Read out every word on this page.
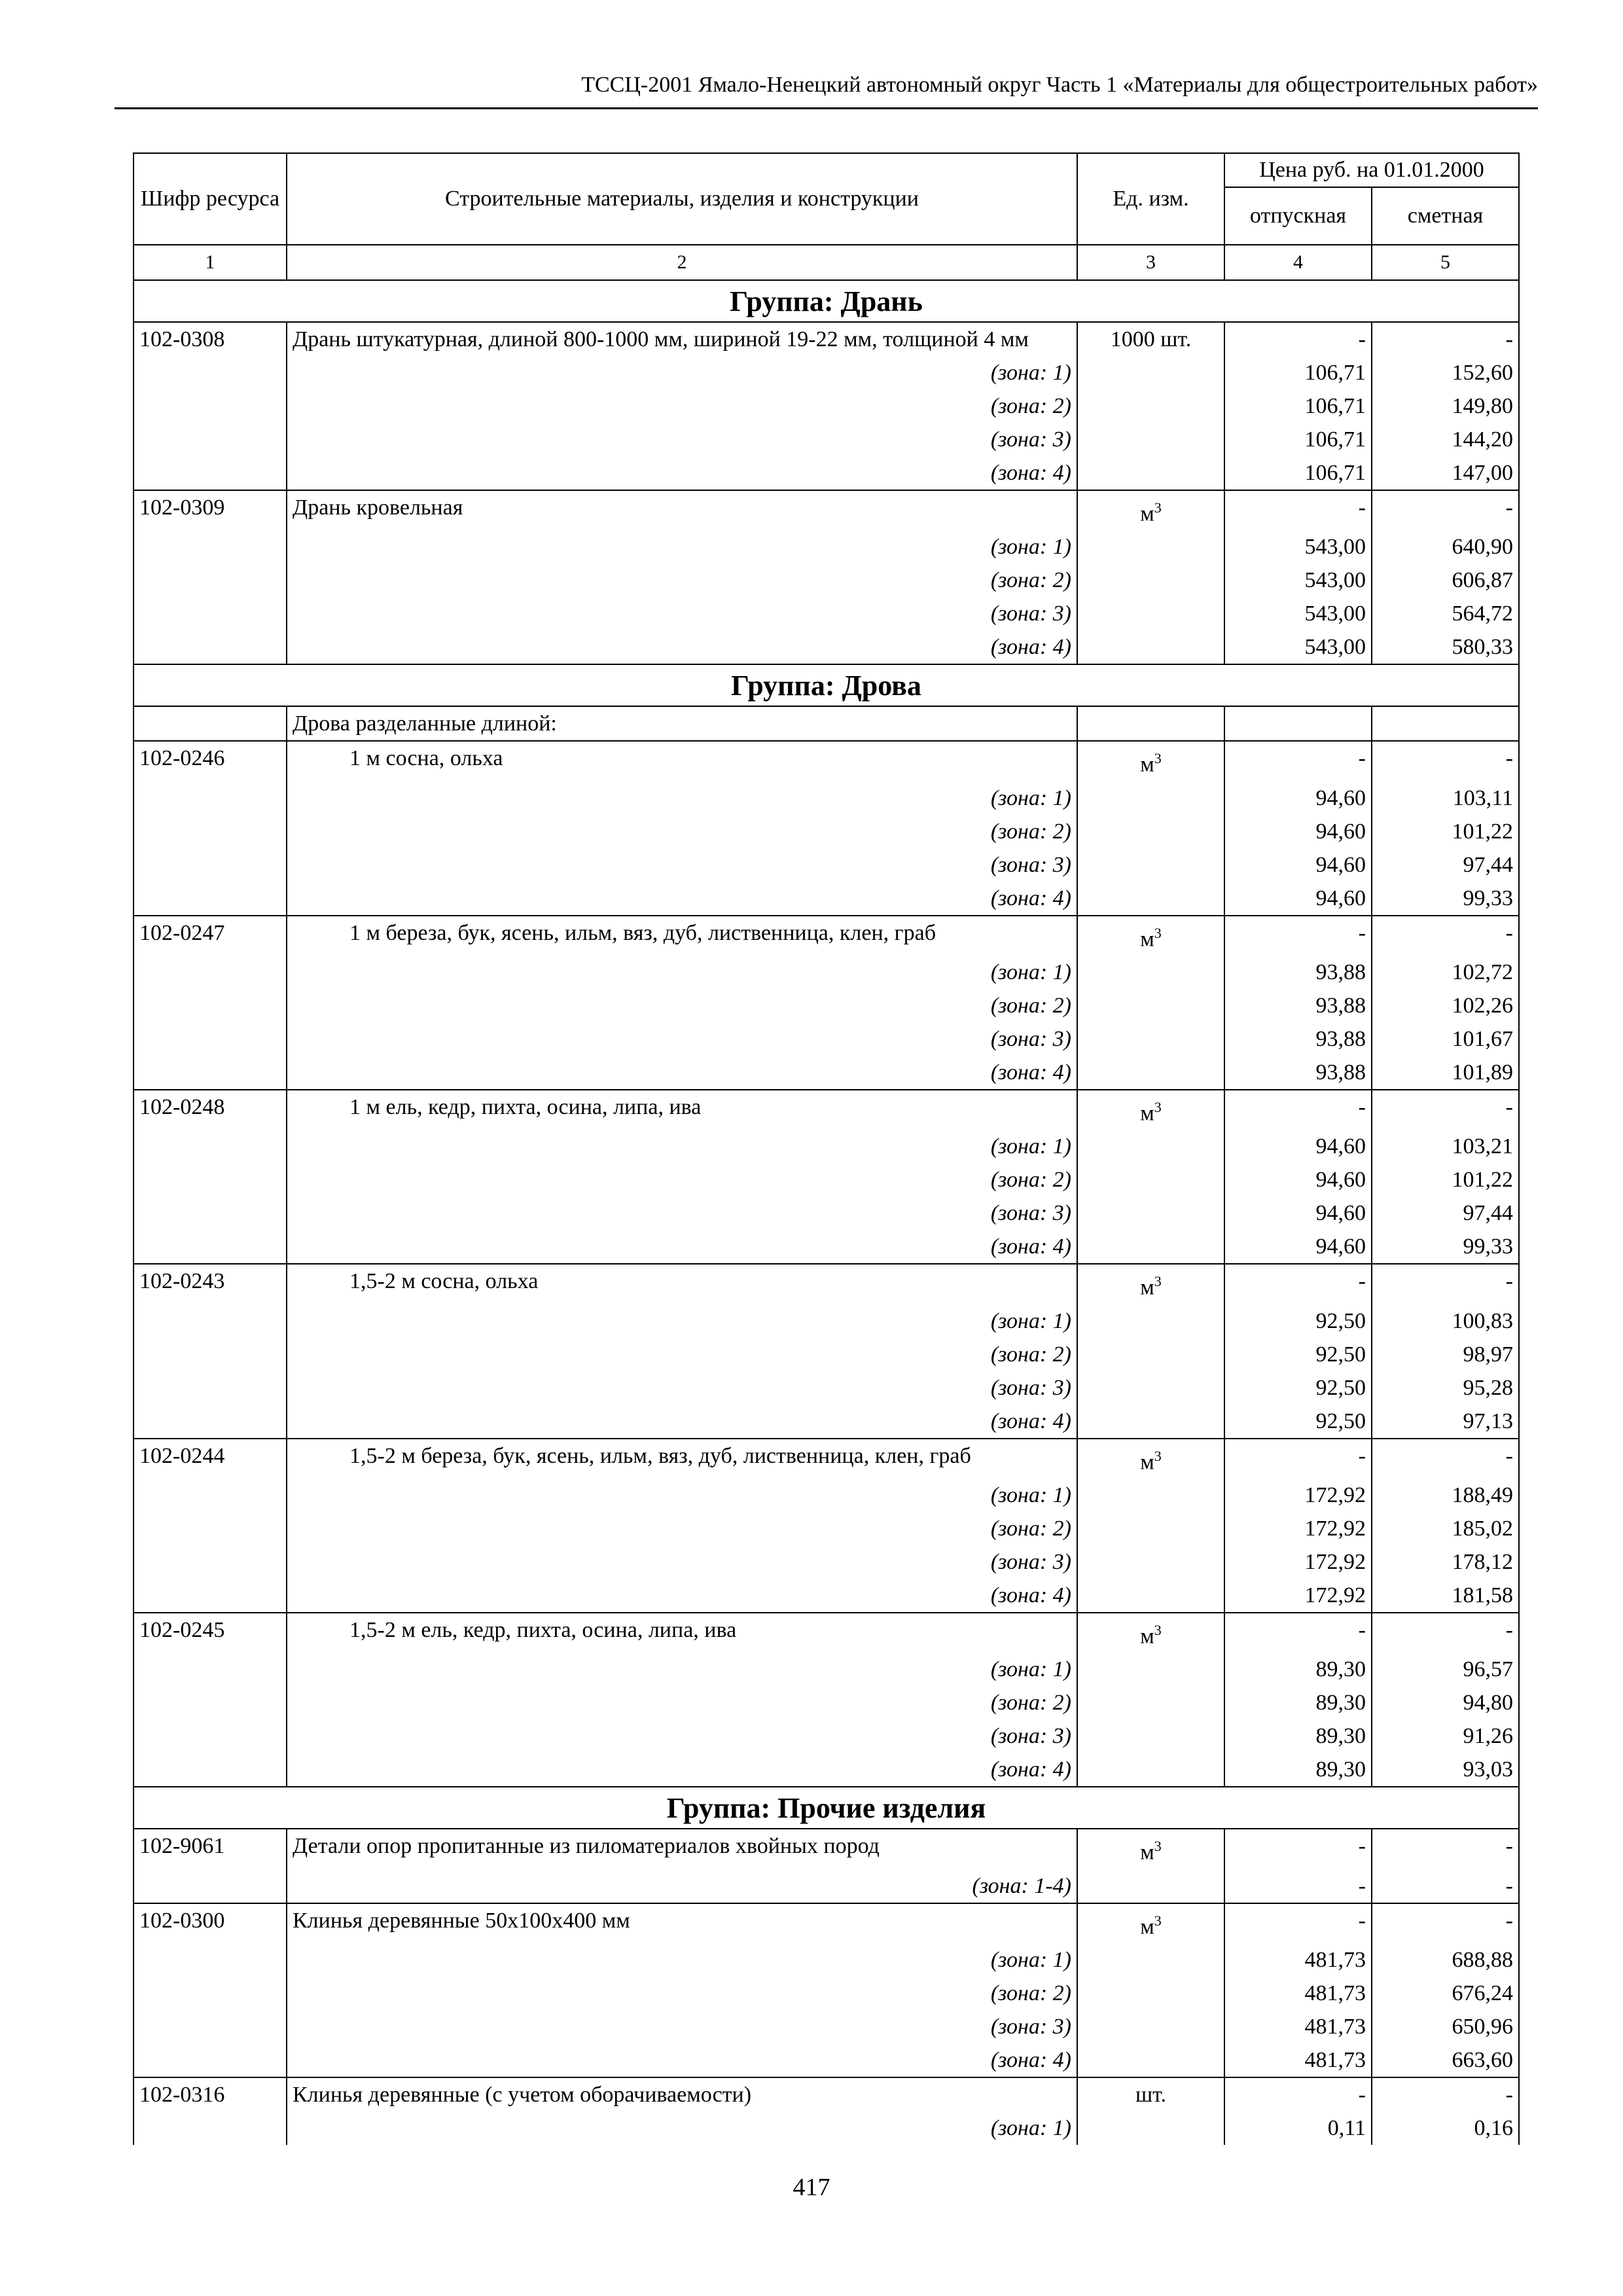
ТССЦ-2001 Ямало-Ненецкий автономный округ Часть 1 «Материалы для общестроительных работ»
Шифр ресурса	Строительные материалы, изделия и конструкции	Ед. изм.	Цена руб. на 01.01.2000	
			отпускная	сметная
1	2	3	4	5
Группа: Дрань				
102-0308	Дрань штукатурная, длиной 800-1000 мм, шириной 19-22 мм, толщиной 4 мм	1000 шт.	-	-
	(зона: 1)		106,71	152,60
	(зона: 2)		106,71	149,80
	(зона: 3)		106,71	144,20
	(зона: 4)		106,71	147,00
102-0309	Дрань кровельная	$м^3$	-	-
	(зона: 1)		543,00	640,90
	(зона: 2)		543,00	606,87
	(зона: 3)		543,00	564,72
	(зона: 4)		543,00	580,33
Группа: Дрова				
	Дрова разделанные длиной:			
102-0246	1 м сосна, ольха	$м^3$	-	-
	(зона: 1)		94,60	103,11
	(зона: 2)		94,60	101,22
	(зона: 3)		94,60	97,44
	(зона: 4)		94,60	99,33
102-0247	1 м береза, бук, ясень, ильм, вяз, дуб, лиственница, клен, граб	$м^3$	-	-
	(зона: 1)		93,88	102,72
	(зона: 2)		93,88	102,26
	(зона: 3)		93,88	101,67
	(зона: 4)		93,88	101,89
102-0248	1 м ель, кедр, пихта, осина, липа, ива	$м^3$	-	-
	(зона: 1)		94,60	103,21
	(зона: 2)		94,60	101,22
	(зона: 3)		94,60	97,44
	(зона: 4)		94,60	99,33
102-0243	1,5-2 м сосна, ольха	$м^3$	-	-
	(зона: 1)		92,50	100,83
	(зона: 2)		92,50	98,97
	(зона: 3)		92,50	95,28
	(зона: 4)		92,50	97,13
102-0244	1,5-2 м береза, бук, ясень, ильм, вяз, дуб, лиственница, клен, граб	$м^3$	-	-
	(зона: 1)		172,92	188,49
	(зона: 2)		172,92	185,02
	(зона: 3)		172,92	178,12
	(зона: 4)		172,92	181,58
102-0245	1,5-2 м ель, кедр, пихта, осина, липа, ива	$м^3$	-	-
	(зона: 1)		89,30	96,57
	(зона: 2)		89,30	94,80
	(зона: 3)		89,30	91,26
	(зона: 4)		89,30	93,03
Группа: Прочие изделия				
102-9061	Детали опор пропитанные из пиломатериалов хвойных пород	$м^3$	-	-
	(зона: 1-4)		-	-
102-0300	Клинья деревянные 50x100x400 мм	$м^3$	-	-
	(зона: 1)		481,73	688,88
	(зона: 2)		481,73	676,24
	(зона: 3)		481,73	650,96
	(зона: 4)		481,73	663,60
102-0316	Клинья деревянные (с учетом оборачиваемости)	шт.	-	-
	(зона: 1)		0,11	0,16
417
